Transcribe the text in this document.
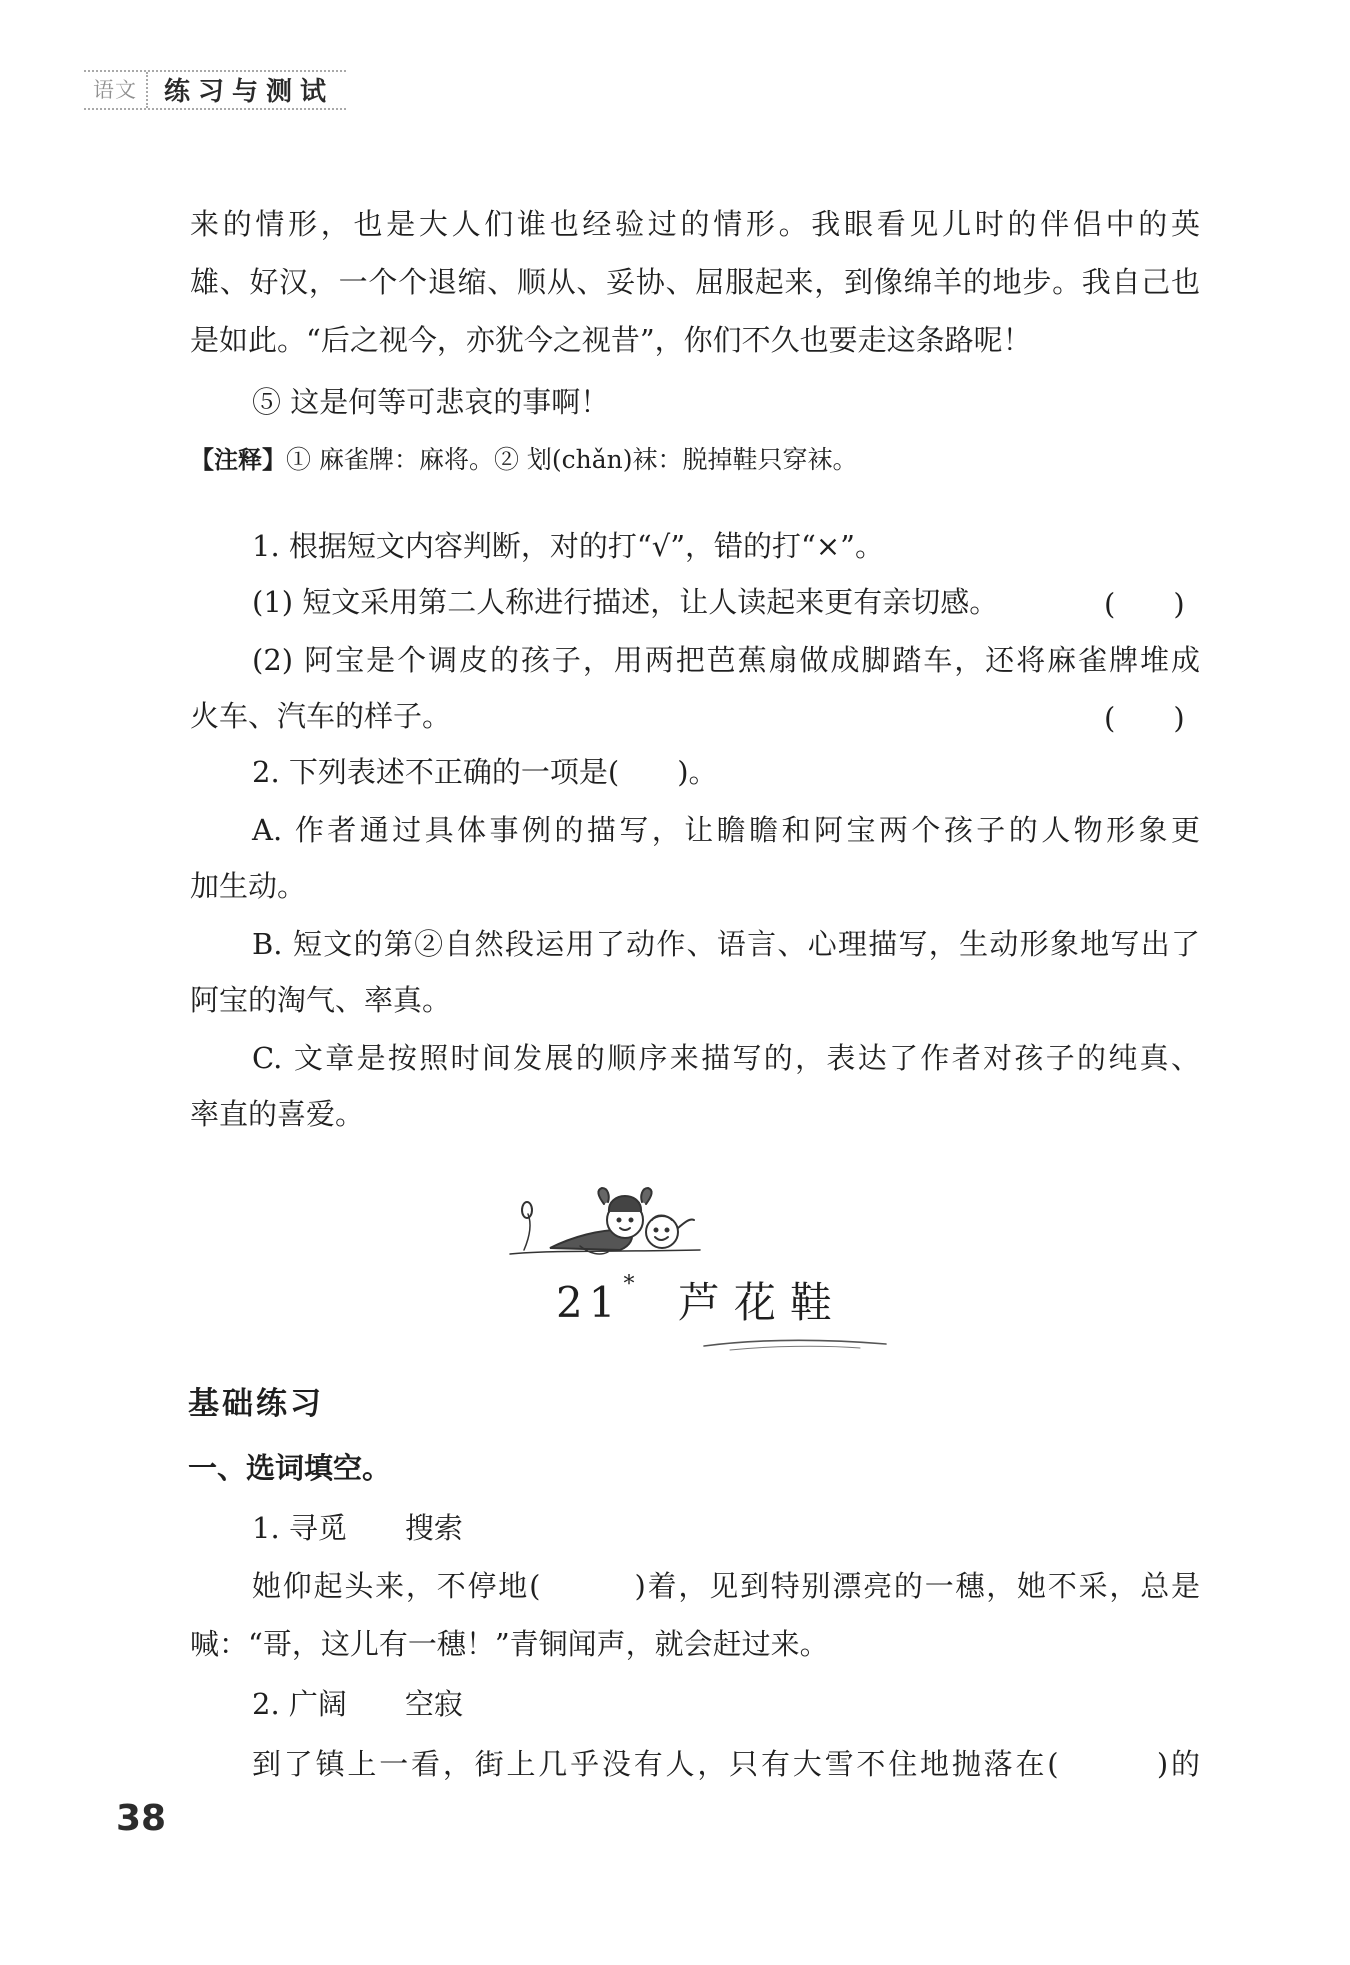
语文	练习与测试
来的情形，也是大人们谁也经验过的情形。我眼看见儿时的伴侣中的英
雄、好汉，一个个退缩、顺从、妥协、屈服起来，到像绵羊的地步。我自己也
是如此。“后之视今，亦犹今之视昔”，你们不久也要走这条路呢！
⑤ 这是何等可悲哀的事啊！
【注释】① 麻雀牌：麻将。② 划(chǎn)袜：脱掉鞋只穿袜。
1. 根据短文内容判断，对的打“√”，错的打“×”。
(1) 短文采用第二人称进行描述，让人读起来更有亲切感。	(　　)
(2) 阿宝是个调皮的孩子，用两把芭蕉扇做成脚踏车，还将麻雀牌堆成
火车、汽车的样子。	(　　)
2. 下列表述不正确的一项是(　　)。
A. 作者通过具体事例的描写，让瞻瞻和阿宝两个孩子的人物形象更
加生动。
B. 短文的第②自然段运用了动作、语言、心理描写，生动形象地写出了
阿宝的淘气、率真。
C. 文章是按照时间发展的顺序来描写的，表达了作者对孩子的纯真、
率直的喜爱。
21* 芦花鞋
基础练习
一、选词填空。
1. 寻觅　　搜索
她仰起头来，不停地(　　　)着，见到特别漂亮的一穗，她不采，总是
喊：“哥，这儿有一穗！”青铜闻声，就会赶过来。
2. 广阔　　空寂
到了镇上一看，街上几乎没有人，只有大雪不住地抛落在(　　　)的
38
